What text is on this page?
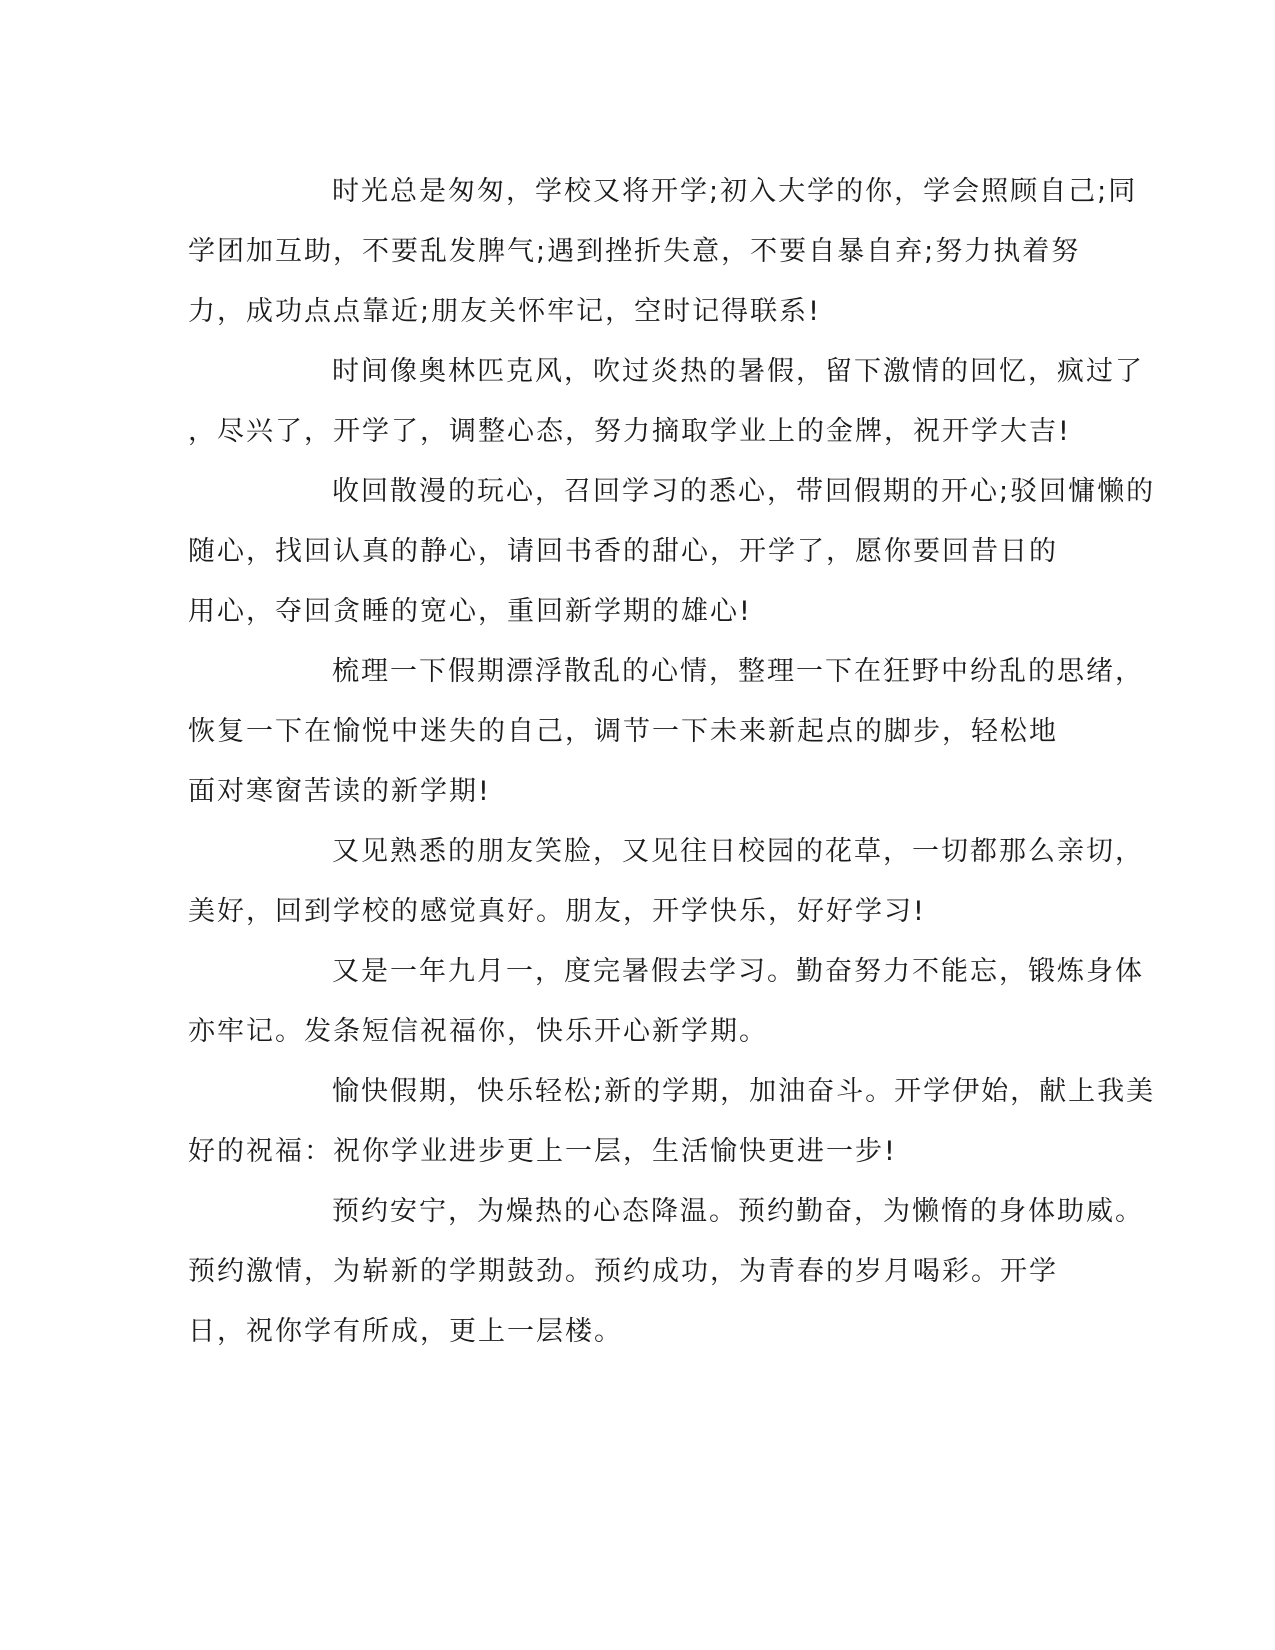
时光总是匆匆，学校又将开学;初入大学的你，学会照顾自己;同
学团加互助，不要乱发脾气;遇到挫折失意，不要自暴自弃;努力执着努
力，成功点点靠近;朋友关怀牢记，空时记得联系!
时间像奥林匹克风，吹过炎热的暑假，留下激情的回忆，疯过了
，尽兴了，开学了，调整心态，努力摘取学业上的金牌，祝开学大吉!
收回散漫的玩心，召回学习的悉心，带回假期的开心;驳回慵懒的
随心，找回认真的静心，请回书香的甜心，开学了，愿你要回昔日的
用心，夺回贪睡的宽心，重回新学期的雄心!
梳理一下假期漂浮散乱的心情，整理一下在狂野中纷乱的思绪，
恢复一下在愉悦中迷失的自己，调节一下未来新起点的脚步，轻松地
面对寒窗苦读的新学期!
又见熟悉的朋友笑脸，又见往日校园的花草，一切都那么亲切，
美好，回到学校的感觉真好。朋友，开学快乐，好好学习!
又是一年九月一，度完暑假去学习。勤奋努力不能忘，锻炼身体
亦牢记。发条短信祝福你，快乐开心新学期。
愉快假期，快乐轻松;新的学期，加油奋斗。开学伊始，献上我美
好的祝福：祝你学业进步更上一层，生活愉快更进一步!
预约安宁，为燥热的心态降温。预约勤奋，为懒惰的身体助威。
预约激情，为崭新的学期鼓劲。预约成功，为青春的岁月喝彩。开学
日，祝你学有所成，更上一层楼。
